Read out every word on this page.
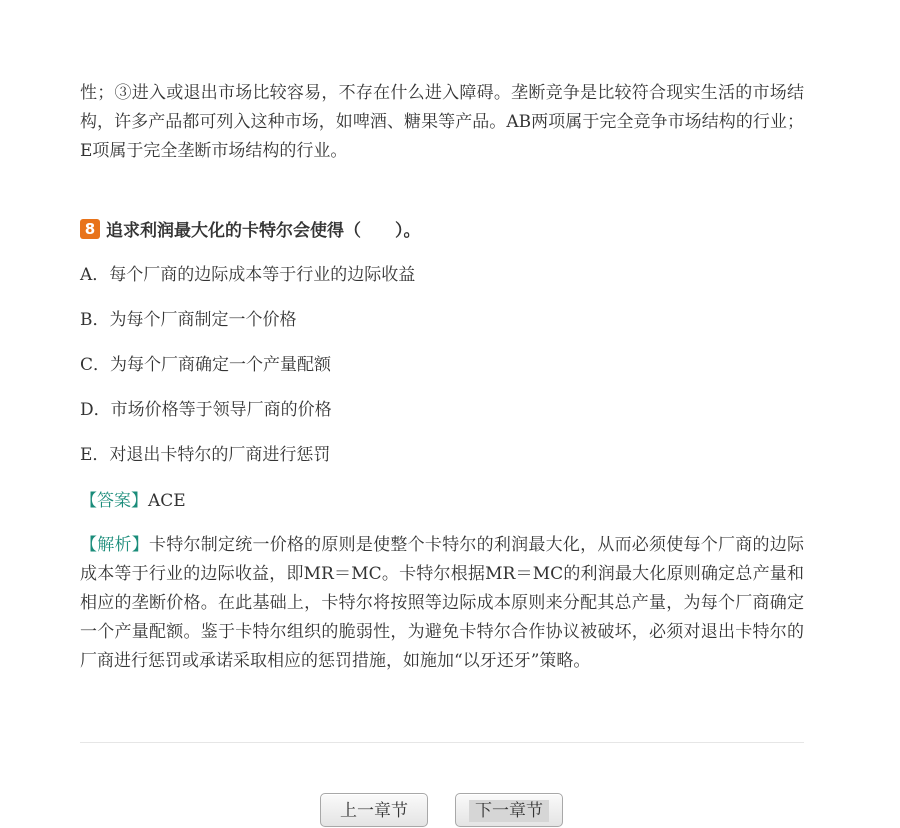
性；③进入或退出市场比较容易，不存在什么进入障碍。垄断竞争是比较符合现实生活的市场结构，许多产品都可列入这种市场，如啤酒、糖果等产品。AB两项属于完全竞争市场结构的行业；E项属于完全垄断市场结构的行业。

8 追求利润最大化的卡特尔会使得（　　）。
A．每个厂商的边际成本等于行业的边际收益
B．为每个厂商制定一个价格
C．为每个厂商确定一个产量配额
D．市场价格等于领导厂商的价格
E．对退出卡特尔的厂商进行惩罚
【答案】ACE

【解析】卡特尔制定统一价格的原则是使整个卡特尔的利润最大化，从而必须使每个厂商的边际成本等于行业的边际收益，即MR＝MC。卡特尔根据MR＝MC的利润最大化原则确定总产量和相应的垄断价格。在此基础上，卡特尔将按照等边际成本原则来分配其总产量，为每个厂商确定一个产量配额。鉴于卡特尔组织的脆弱性，为避免卡特尔合作协议被破坏，必须对退出卡特尔的厂商进行惩罚或承诺采取相应的惩罚措施，如施加“以牙还牙”策略。

上一章节	下一章节
